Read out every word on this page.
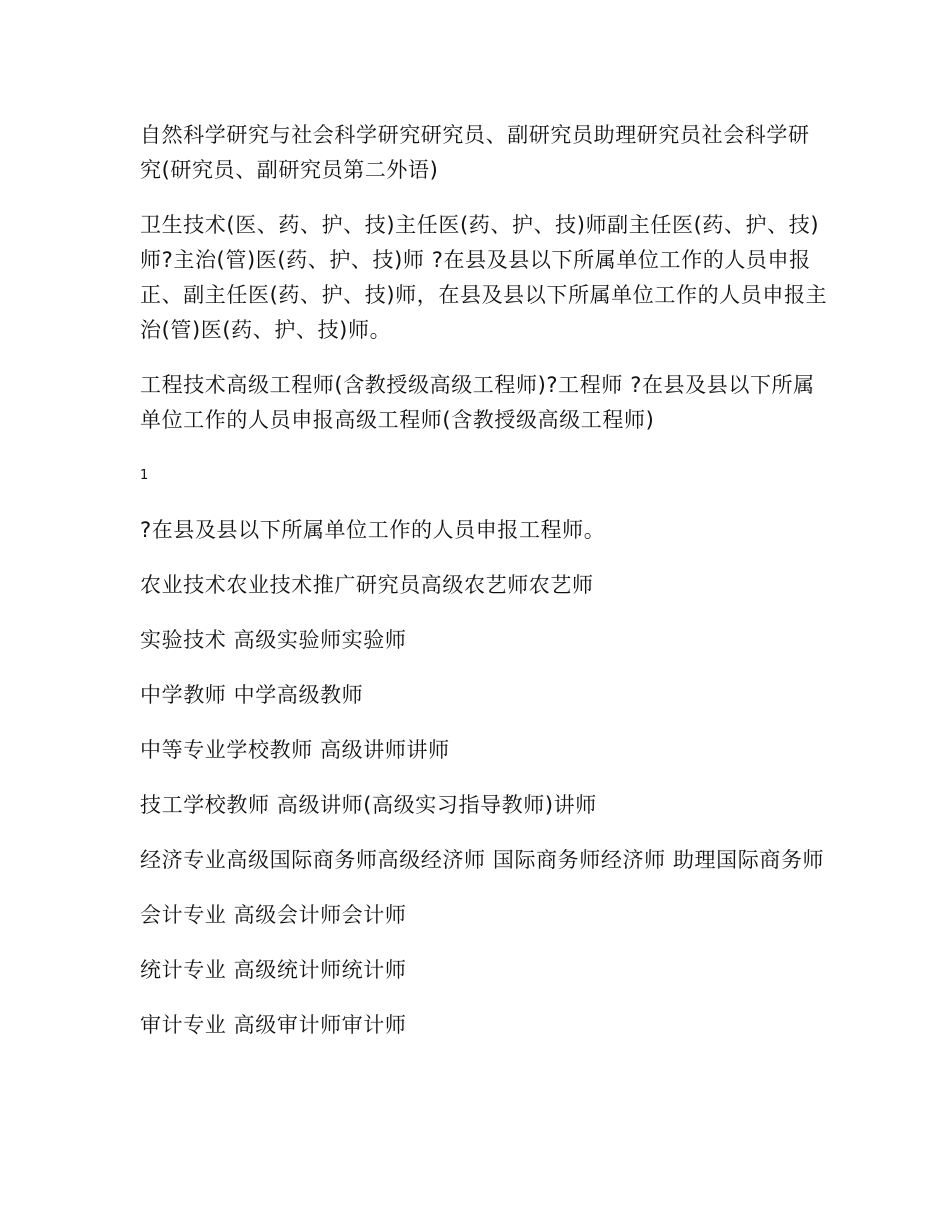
自然科学研究与社会科学研究研究员、副研究员助理研究员社会科学研究(研究员、副研究员第二外语)

卫生技术(医、药、护、技)主任医(药、护、技)师副主任医(药、护、技)师?主治(管)医(药、护、技)师 ?在县及县以下所属单位工作的人员申报正、副主任医(药、护、技)师，在县及县以下所属单位工作的人员申报主治(管)医(药、护、技)师。

工程技术高级工程师(含教授级高级工程师)?工程师 ?在县及县以下所属单位工作的人员申报高级工程师(含教授级高级工程师)

1

?在县及县以下所属单位工作的人员申报工程师。

农业技术农业技术推广研究员高级农艺师农艺师

实验技术 高级实验师实验师

中学教师 中学高级教师

中等专业学校教师 高级讲师讲师

技工学校教师 高级讲师(高级实习指导教师)讲师

经济专业高级国际商务师高级经济师 国际商务师经济师 助理国际商务师

会计专业 高级会计师会计师

统计专业 高级统计师统计师

审计专业 高级审计师审计师
